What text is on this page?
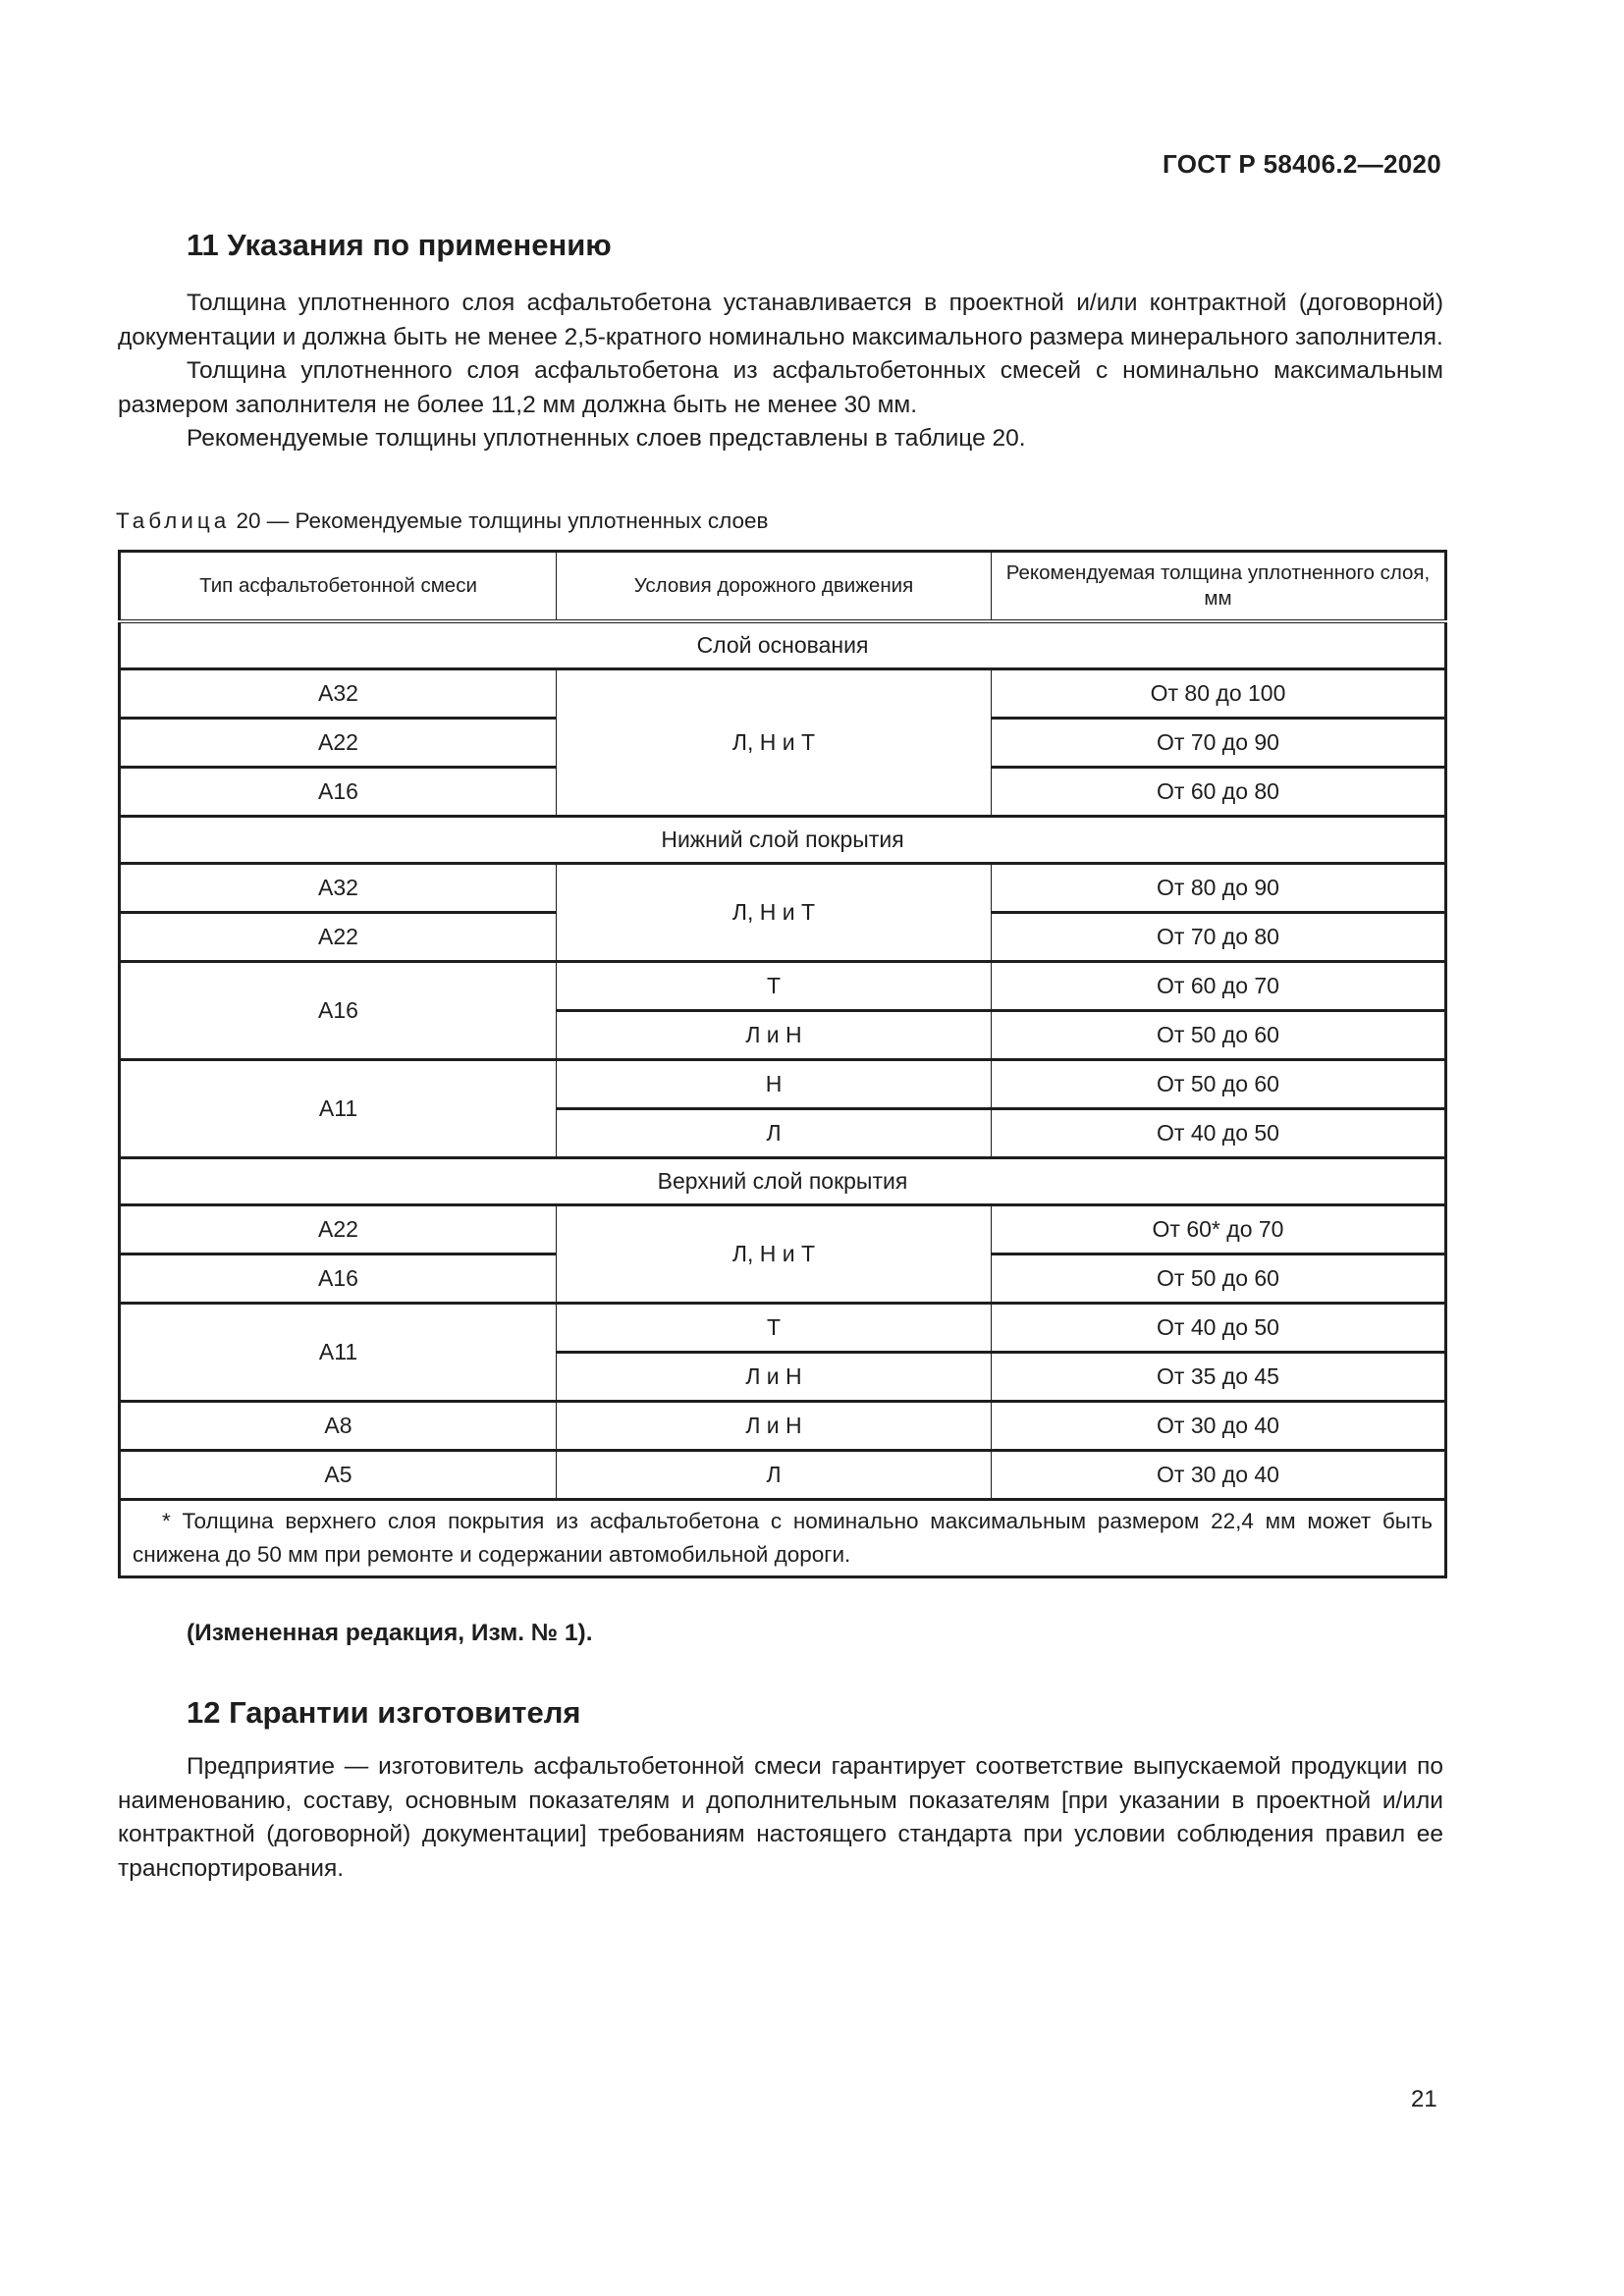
ГОСТ Р 58406.2—2020
11 Указания по применению

Толщина уплотненного слоя асфальтобетона устанавливается в проектной и/или контрактной (договорной) документации и должна быть не менее 2,5-кратного номинально максимального размера минерального заполнителя.

Толщина уплотненного слоя асфальтобетона из асфальтобетонных смесей с номинально максимальным размером заполнителя не более 11,2 мм должна быть не менее 30 мм.

Рекомендуемые толщины уплотненных слоев представлены в таблице 20.

Таблица 20 — Рекомендуемые толщины уплотненных слоев
Тип асфальтобетонной смеси	Условия дорожного движения	Рекомендуемая толщина уплотненного слоя, мм
Слой основания		
А32	Л, Н и Т	От 80 до 100
А22		От 70 до 90
А16		От 60 до 80
Нижний слой покрытия		
А32	Л, Н и Т	От 80 до 90
А22		От 70 до 80
А16	Т	От 60 до 70
	Л и Н	От 50 до 60
А11	Н	От 50 до 60
	Л	От 40 до 50
Верхний слой покрытия		
А22	Л, Н и Т	От 60* до 70
А16		От 50 до 60
А11	Т	От 40 до 50
	Л и Н	От 35 до 45
А8	Л и Н	От 30 до 40
А5	Л	От 30 до 40

* Толщина верхнего слоя покрытия из асфальтобетона с номинально максимальным размером 22,4 мм может быть снижена до 50 мм при ремонте и содержании автомобильной дороги.		
(Измененная редакция, Изм. № 1).
12 Гарантии изготовителя

Предприятие — изготовитель асфальтобетонной смеси гарантирует соответствие выпускаемой продукции по наименованию, составу, основным показателям и дополнительным показателям [при указании в проектной и/или контрактной (договорной) документации] требованиям настоящего стандарта при условии соблюдения правил ее транспортирования.

21
